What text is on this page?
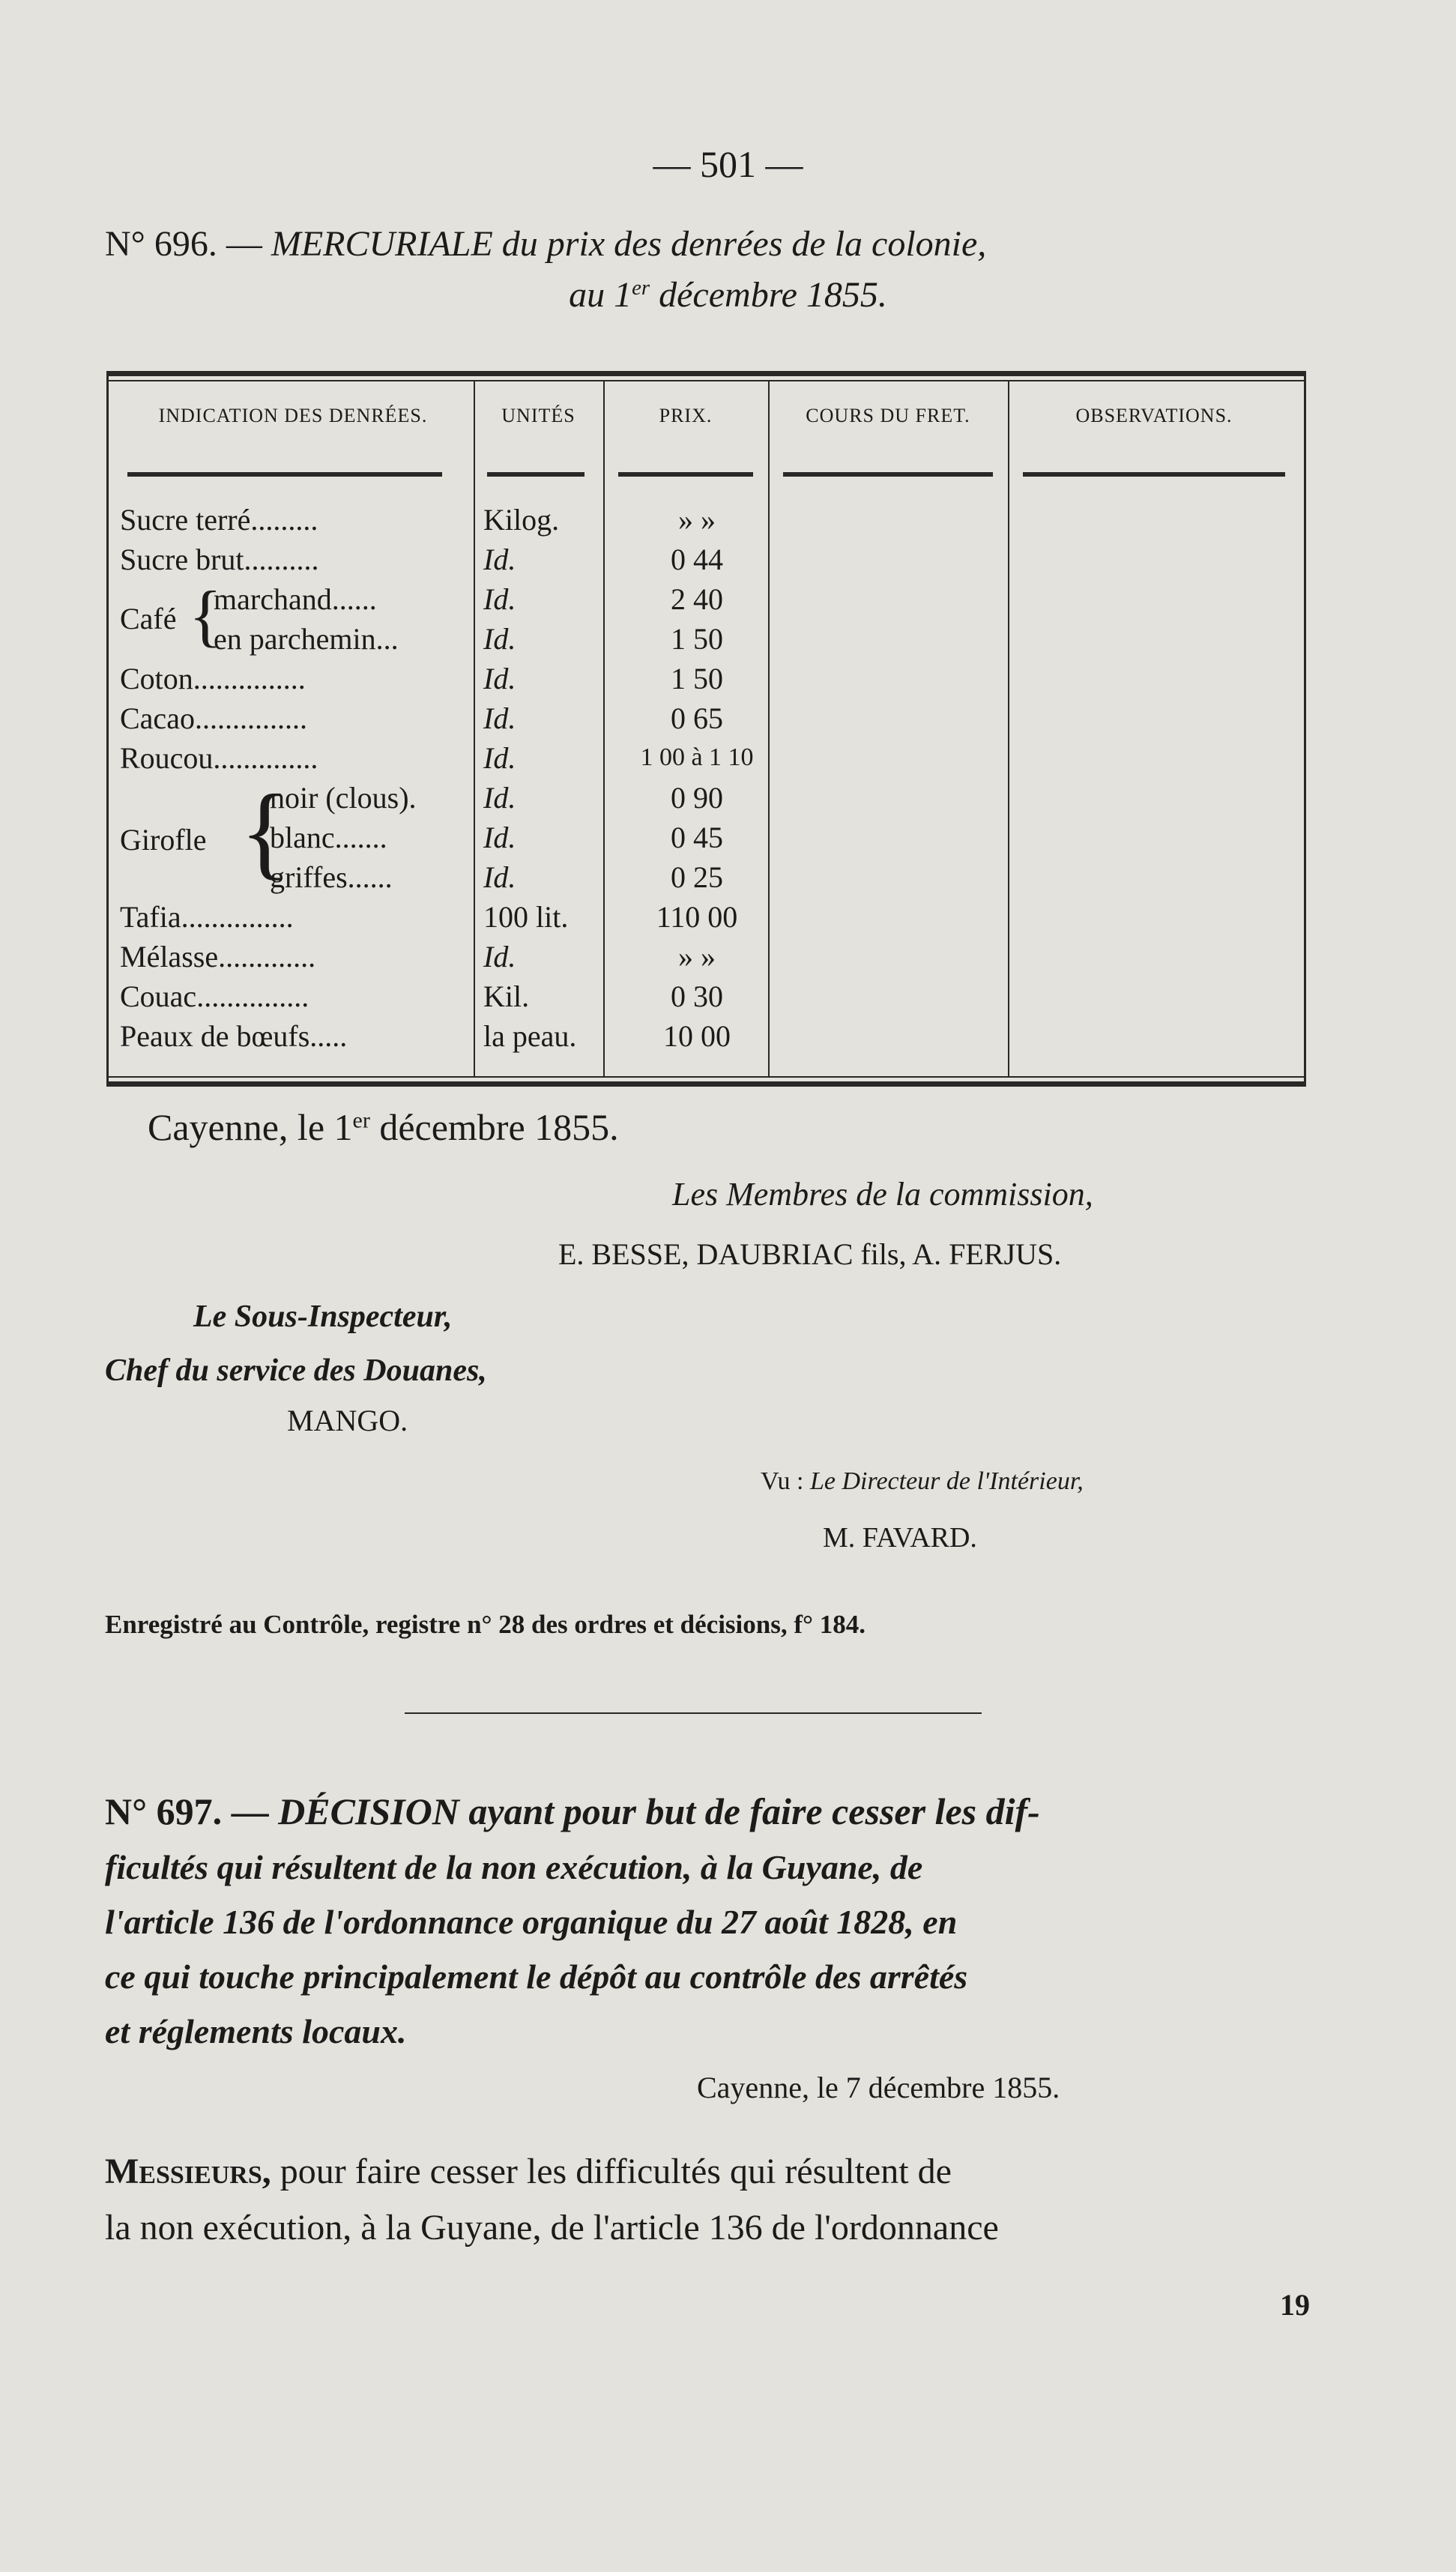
— 501 —
N° 696. — MERCURIALE du prix des denrées de la colonie,
au 1er décembre 1855.
INDICATION DES DENRÉES.	UNITÉS	PRIX.	COURS DU FRET.	OBSERVATIONS.
Sucre terré.........	Kilog.	» »
Sucre brut..........	Id.	0 44
Café {
marchand......	Id.	2 40
en parchemin...	Id.	1 50
Coton...............	Id.	1 50
Cacao...............	Id.	0 65
Roucou..............	Id.	1 00 à 1 10
Girofle {
noir (clous). Id.	0 90
blanc.......	Id.	0 45
griffes......	Id.	0 25
Tafia...............	100 lit.	110 00
Mélasse.............	Id.	» »
Couac...............	Kil.	0 30
Peaux de bœufs.....	la peau.	10 00
Cayenne, le 1er décembre 1855.
Les Membres de la commission,
E. BESSE, DAUBRIAC fils, A. FERJUS.
Le Sous-Inspecteur,
Chef du service des Douanes,
MANGO.
Vu : Le Directeur de l'Intérieur,
M. FAVARD.
Enregistré au Contrôle, registre n° 28 des ordres et décisions, f° 184.
N° 697. — DÉCISION ayant pour but de faire cesser les dif-
ficultés qui résultent de la non exécution, à la Guyane, de
l'article 136 de l'ordonnance organique du 27 août 1828, en
ce qui touche principalement le dépôt au contrôle des arrêtés
et réglements locaux.
Cayenne, le 7 décembre 1855.
Messieurs, pour faire cesser les difficultés qui résultent de
la non exécution, à la Guyane, de l'article 136 de l'ordonnance
19
